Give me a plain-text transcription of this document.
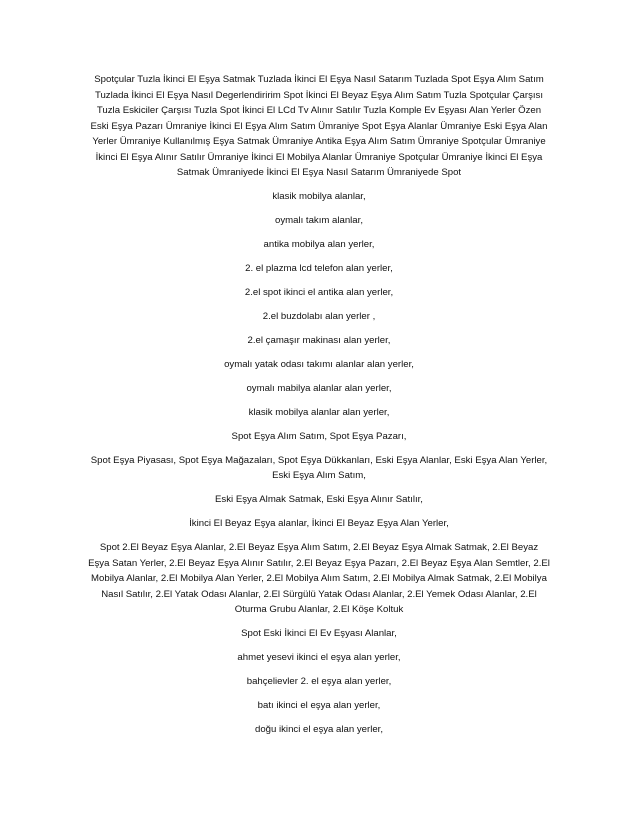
Spotçular Tuzla İkinci El Eşya Satmak Tuzlada İkinci El Eşya Nasıl Satarım Tuzlada Spot Eşya Alım Satım Tuzlada İkinci El Eşya Nasıl Degerlendiririm Spot İkinci El Beyaz Eşya Alım Satım Tuzla Spotçular Çarşısı Tuzla Eskiciler Çarşısı Tuzla Spot İkinci El LCd Tv Alınır Satılır Tuzla Komple Ev Eşyası Alan Yerler Özen Eski Eşya Pazarı Ümraniye İkinci El Eşya Alım Satım Ümraniye Spot Eşya Alanlar Ümraniye Eski Eşya Alan Yerler Ümraniye Kullanılmış Eşya Satmak Ümraniye Antika Eşya Alım Satım Ümraniye Spotçular Ümraniye İkinci El Eşya Alınır Satılır Ümraniye İkinci El Mobilya Alanlar Ümraniye Spotçular Ümraniye İkinci El Eşya Satmak Ümraniyede İkinci El Eşya Nasıl Satarım Ümraniyede Spot

klasik mobilya alanlar,

oymalı takım alanlar,

antika mobilya alan yerler,

2. el plazma lcd telefon alan yerler,

2.el spot ikinci el antika alan yerler,

2.el buzdolabı alan yerler ,

2.el çamaşır makinası alan yerler,

oymalı yatak odası takımı alanlar alan yerler,

oymalı mabilya alanlar alan yerler,

klasik mobilya alanlar alan yerler,

Spot Eşya Alım Satım, Spot Eşya Pazarı,

Spot Eşya Piyasası, Spot Eşya Mağazaları, Spot Eşya Dükkanları, Eski Eşya Alanlar, Eski Eşya Alan Yerler, Eski Eşya Alım Satım,

Eski Eşya Almak Satmak, Eski Eşya Alınır Satılır,

İkinci El Beyaz Eşya alanlar, İkinci El Beyaz Eşya Alan Yerler,

Spot 2.El Beyaz Eşya Alanlar, 2.El Beyaz Eşya Alım Satım, 2.El Beyaz Eşya Almak Satmak, 2.El Beyaz Eşya Satan Yerler, 2.El Beyaz Eşya Alınır Satılır, 2.El Beyaz Eşya Pazarı, 2.El Beyaz Eşya Alan Semtler, 2.El Mobilya Alanlar, 2.El Mobilya Alan Yerler, 2.El Mobilya Alım Satım, 2.El Mobilya Almak Satmak, 2.El Mobilya Nasıl Satılır, 2.El Yatak Odası Alanlar, 2.El Sürgülü Yatak Odası Alanlar, 2.El Yemek Odası Alanlar, 2.El Oturma Grubu Alanlar, 2.El Köşe Koltuk

Spot Eski İkinci El Ev Eşyası Alanlar,

ahmet yesevi ikinci el eşya alan yerler,

bahçelievler 2. el eşya alan yerler,

batı ikinci el eşya alan yerler,

doğu ikinci el eşya alan yerler,
